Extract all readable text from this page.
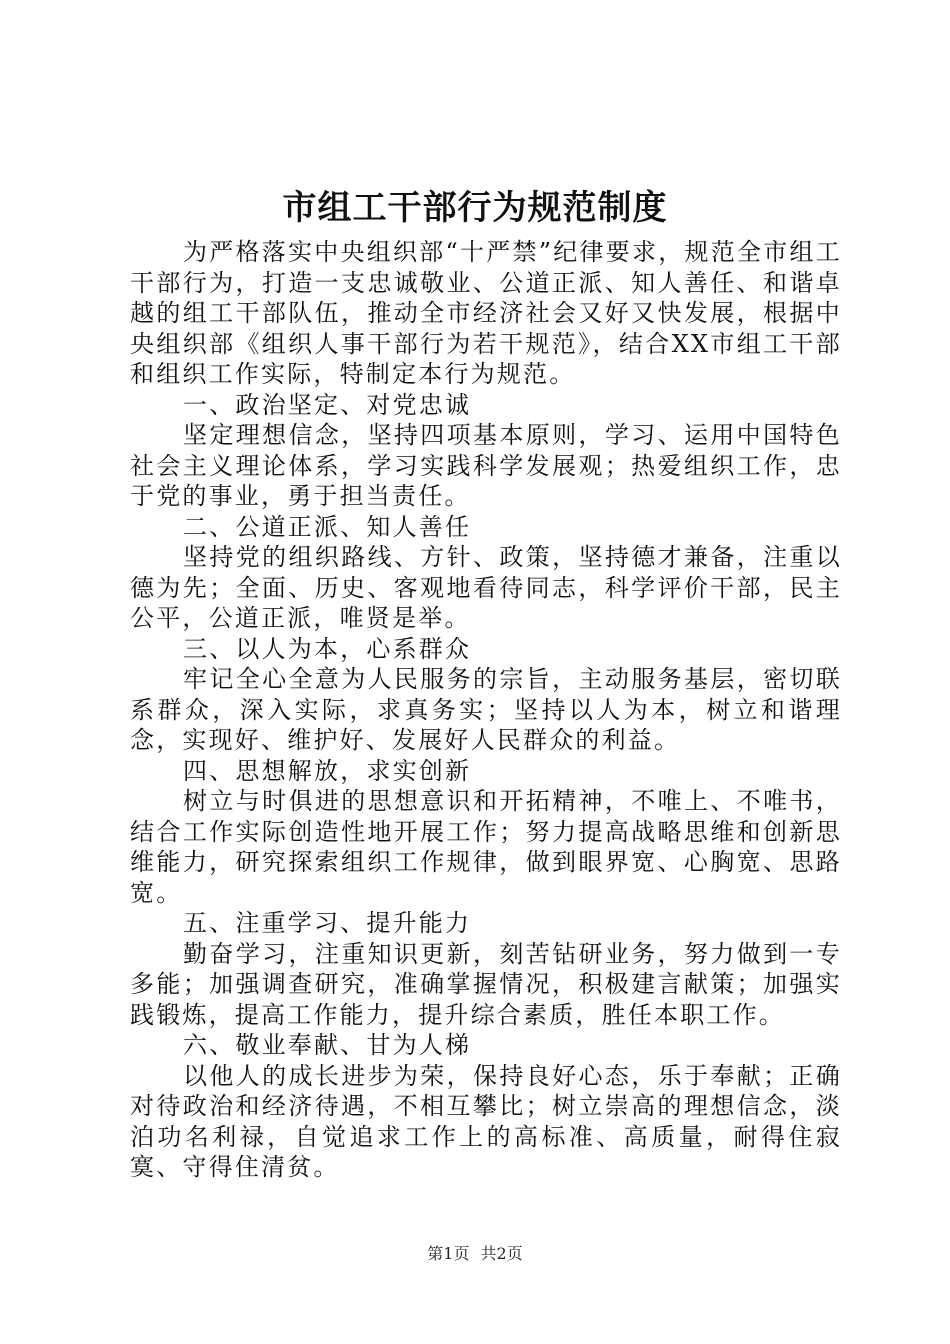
市组工干部行为规范制度

为严格落实中央组织部“十严禁”纪律要求，规范全市组工干部行为，打造一支忠诚敬业、公道正派、知人善任、和谐卓越的组工干部队伍，推动全市经济社会又好又快发展，根据中央组织部《组织人事干部行为若干规范》，结合XX市组工干部和组织工作实际，特制定本行为规范。

一、政治坚定、对党忠诚

坚定理想信念，坚持四项基本原则，学习、运用中国特色社会主义理论体系，学习实践科学发展观；热爱组织工作，忠于党的事业，勇于担当责任。

二、公道正派、知人善任

坚持党的组织路线、方针、政策，坚持德才兼备，注重以德为先；全面、历史、客观地看待同志，科学评价干部，民主公平，公道正派，唯贤是举。

三、以人为本，心系群众

牢记全心全意为人民服务的宗旨，主动服务基层，密切联系群众，深入实际，求真务实；坚持以人为本，树立和谐理念，实现好、维护好、发展好人民群众的利益。

四、思想解放，求实创新

树立与时俱进的思想意识和开拓精神，不唯上、不唯书，结合工作实际创造性地开展工作；努力提高战略思维和创新思维能力，研究探索组织工作规律，做到眼界宽、心胸宽、思路宽。

五、注重学习、提升能力

勤奋学习，注重知识更新，刻苦钻研业务，努力做到一专多能；加强调查研究，准确掌握情况，积极建言献策；加强实践锻炼，提高工作能力，提升综合素质，胜任本职工作。

六、敬业奉献、甘为人梯

以他人的成长进步为荣，保持良好心态，乐于奉献；正确对待政治和经济待遇，不相互攀比；树立崇高的理想信念，淡泊功名利禄，自觉追求工作上的高标准、高质量，耐得住寂寞、守得住清贫。

第1页 共2页
